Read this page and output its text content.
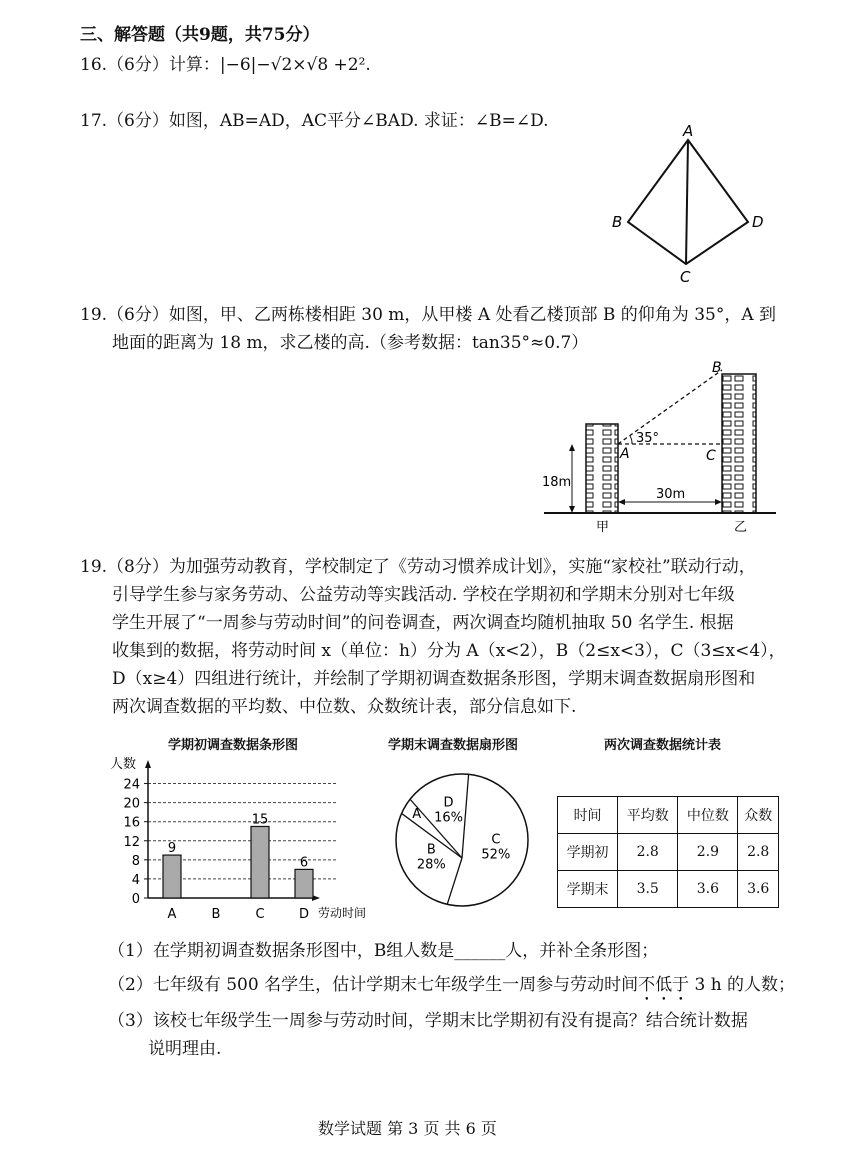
三、解答题（共9题，共75分）
16.（6分）计算：|−6|−√2×√8 +2².
17.（6分）如图，AB=AD，AC平分∠BAD. 求证：∠B=∠D.	A
B
C
D
19.（6分）如图，甲、乙两栋楼相距 30 m，从甲楼 A 处看乙楼顶部 B 的仰角为 35°，A 到
地面的距离为 18 m，求乙楼的高.（参考数据：tan35°≈0.7）
B
A	C
35°
18m
30m
甲	乙
19.（8分）为加强劳动教育，学校制定了《劳动习惯养成计划》，实施“家校社”联动行动，
引导学生参与家务劳动、公益劳动等实践活动. 学校在学期初和学期末分别对七年级
学生开展了“一周参与劳动时间”的问卷调查，两次调查均随机抽取 50 名学生. 根据
收集到的数据，将劳动时间 x（单位：h）分为 A（x<2），B（2≤x<3），C（3≤x<4），
D（x≥4）四组进行统计，并绘制了学期初调查数据条形图，学期末调查数据扇形图和
两次调查数据的平均数、中位数、众数统计表，部分信息如下.
学期初调查数据条形图	学期末调查数据扇形图	两次调查数据统计表
人数
劳动时间
0
4
8
12
16
20
24
A
9
B	C
15
D
6
C
52%
B
28%
A
D
16%	时间	平均数	中位数	众数
学期初	2.8	2.9	2.8
学期末	3.5	3.6	3.6
（1）在学期初调查数据条形图中，B组人数是______人，并补全条形图；
（2）七年级有 500 名学生，估计学期末七年级学生一周参与劳动时间不低于 3 h 的人数；
（3）该校七年级学生一周参与劳动时间，学期末比学期初有没有提高？结合统计数据
说明理由.
数学试题 第 3 页 共 6 页
